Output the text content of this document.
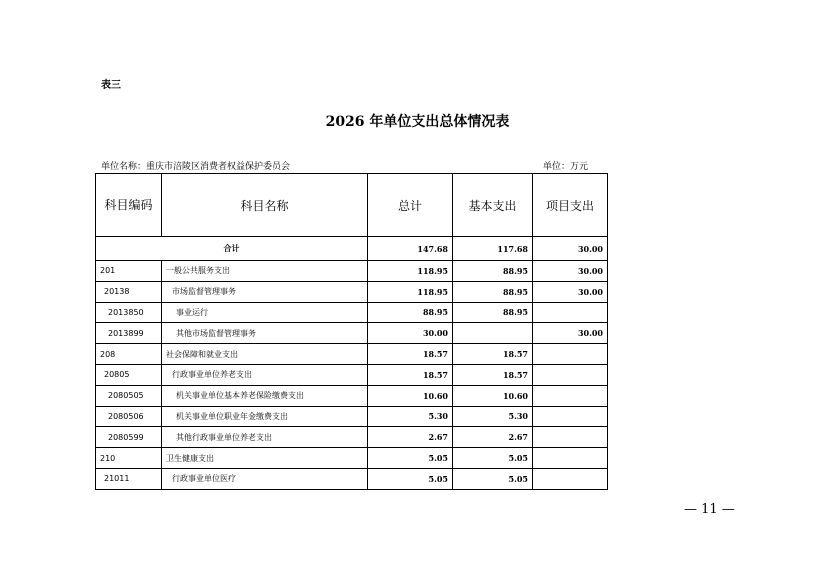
表三
2026 年单位支出总体情况表
单位名称：重庆市涪陵区消费者权益保护委员会	单位：万元
科目编码	科目名称	总计	基本支出	项目支出
合计		147.68	117.68	30.00
201	一般公共服务支出	118.95	88.95	30.00
20138	市场监督管理事务	118.95	88.95	30.00
2013850	事业运行	88.95	88.95	
2013899	其他市场监督管理事务	30.00		30.00
208	社会保障和就业支出	18.57	18.57	
20805	行政事业单位养老支出	18.57	18.57	
2080505	机关事业单位基本养老保险缴费支出	10.60	10.60	
2080506	机关事业单位职业年金缴费支出	5.30	5.30	
2080599	其他行政事业单位养老支出	2.67	2.67	
210	卫生健康支出	5.05	5.05	
21011	行政事业单位医疗	5.05	5.05	
— 11 —
